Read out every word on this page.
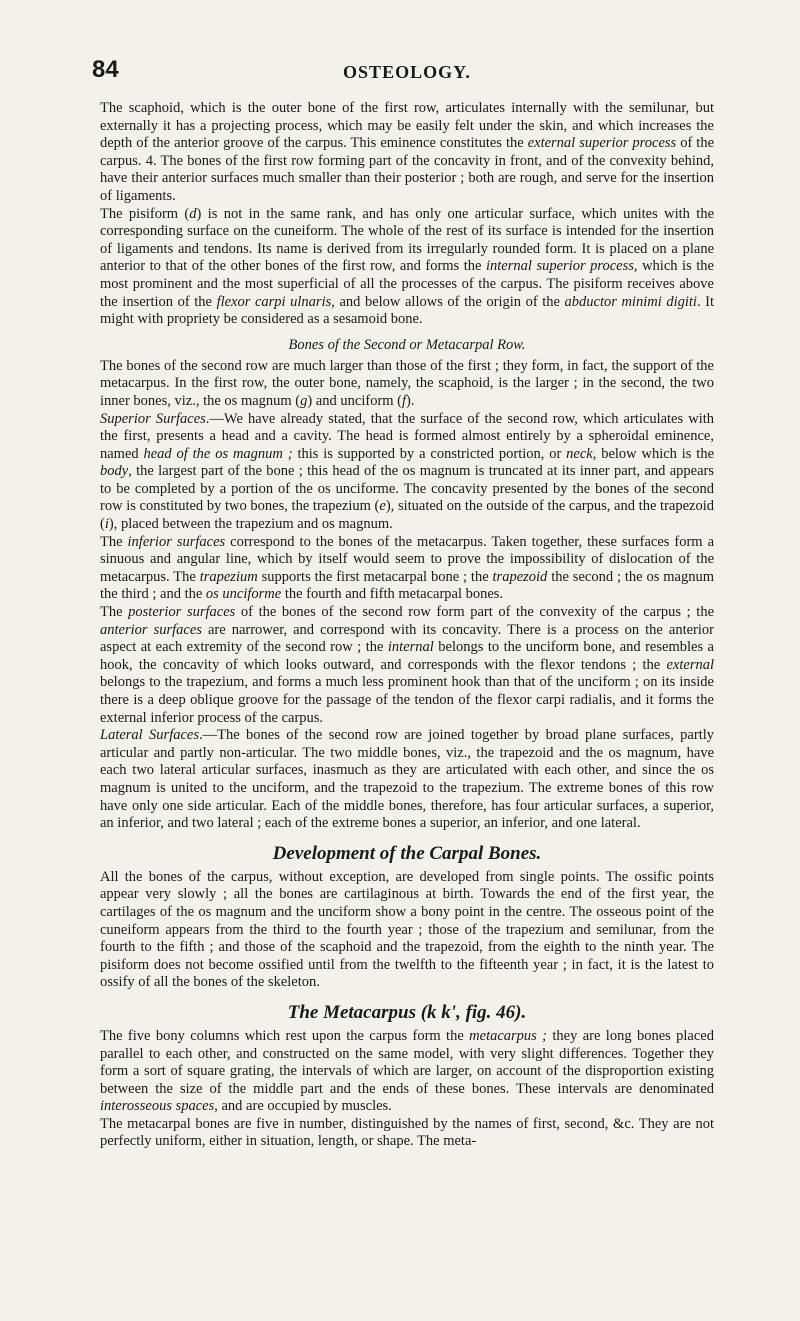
84	OSTEOLOGY.

The scaphoid, which is the outer bone of the first row, articulates internally with the semilunar, but externally it has a projecting process, which may be easily felt under the skin, and which increases the depth of the anterior groove of the carpus. This eminence constitutes the external superior process of the carpus. 4. The bones of the first row forming part of the concavity in front, and of the convexity behind, have their anterior surfaces much smaller than their posterior ; both are rough, and serve for the insertion of ligaments.

The pisiform (d) is not in the same rank, and has only one articular surface, which unites with the corresponding surface on the cuneiform. The whole of the rest of its surface is intended for the insertion of ligaments and tendons. Its name is derived from its irregularly rounded form. It is placed on a plane anterior to that of the other bones of the first row, and forms the internal superior process, which is the most prominent and the most superficial of all the processes of the carpus. The pisiform receives above the insertion of the flexor carpi ulnaris, and below allows of the origin of the abductor minimi digiti. It might with propriety be considered as a sesamoid bone.

Bones of the Second or Metacarpal Row.

The bones of the second row are much larger than those of the first ; they form, in fact, the support of the metacarpus. In the first row, the outer bone, namely, the scaphoid, is the larger ; in the second, the two inner bones, viz., the os magnum (g) and unciform (f).

Superior Surfaces.—We have already stated, that the surface of the second row, which articulates with the first, presents a head and a cavity. The head is formed almost entirely by a spheroidal eminence, named head of the os magnum ; this is supported by a constricted portion, or neck, below which is the body, the largest part of the bone ; this head of the os magnum is truncated at its inner part, and appears to be completed by a portion of the os unciforme. The concavity presented by the bones of the second row is constituted by two bones, the trapezium (e), situated on the outside of the carpus, and the trapezoid (i), placed between the trapezium and os magnum.

The inferior surfaces correspond to the bones of the metacarpus. Taken together, these surfaces form a sinuous and angular line, which by itself would seem to prove the impossibility of dislocation of the metacarpus. The trapezium supports the first metacarpal bone ; the trapezoid the second ; the os magnum the third ; and the os unciforme the fourth and fifth metacarpal bones.

The posterior surfaces of the bones of the second row form part of the convexity of the carpus ; the anterior surfaces are narrower, and correspond with its concavity. There is a process on the anterior aspect at each extremity of the second row ; the internal belongs to the unciform bone, and resembles a hook, the concavity of which looks outward, and corresponds with the flexor tendons ; the external belongs to the trapezium, and forms a much less prominent hook than that of the unciform ; on its inside there is a deep oblique groove for the passage of the tendon of the flexor carpi radialis, and it forms the external inferior process of the carpus.

Lateral Surfaces.—The bones of the second row are joined together by broad plane surfaces, partly articular and partly non-articular. The two middle bones, viz., the trapezoid and the os magnum, have each two lateral articular surfaces, inasmuch as they are articulated with each other, and since the os magnum is united to the unciform, and the trapezoid to the trapezium. The extreme bones of this row have only one side articular. Each of the middle bones, therefore, has four articular surfaces, a superior, an inferior, and two lateral ; each of the extreme bones a superior, an inferior, and one lateral.

Development of the Carpal Bones.

All the bones of the carpus, without exception, are developed from single points. The ossific points appear very slowly ; all the bones are cartilaginous at birth. Towards the end of the first year, the cartilages of the os magnum and the unciform show a bony point in the centre. The osseous point of the cuneiform appears from the third to the fourth year ; those of the trapezium and semilunar, from the fourth to the fifth ; and those of the scaphoid and the trapezoid, from the eighth to the ninth year. The pisiform does not become ossified until from the twelfth to the fifteenth year ; in fact, it is the latest to ossify of all the bones of the skeleton.

The Metacarpus (k k', fig. 46).

The five bony columns which rest upon the carpus form the metacarpus ; they are long bones placed parallel to each other, and constructed on the same model, with very slight differences. Together they form a sort of square grating, the intervals of which are larger, on account of the disproportion existing between the size of the middle part and the ends of these bones. These intervals are denominated interosseous spaces, and are occupied by muscles.

The metacarpal bones are five in number, distinguished by the names of first, second, &c. They are not perfectly uniform, either in situation, length, or shape. The meta-
